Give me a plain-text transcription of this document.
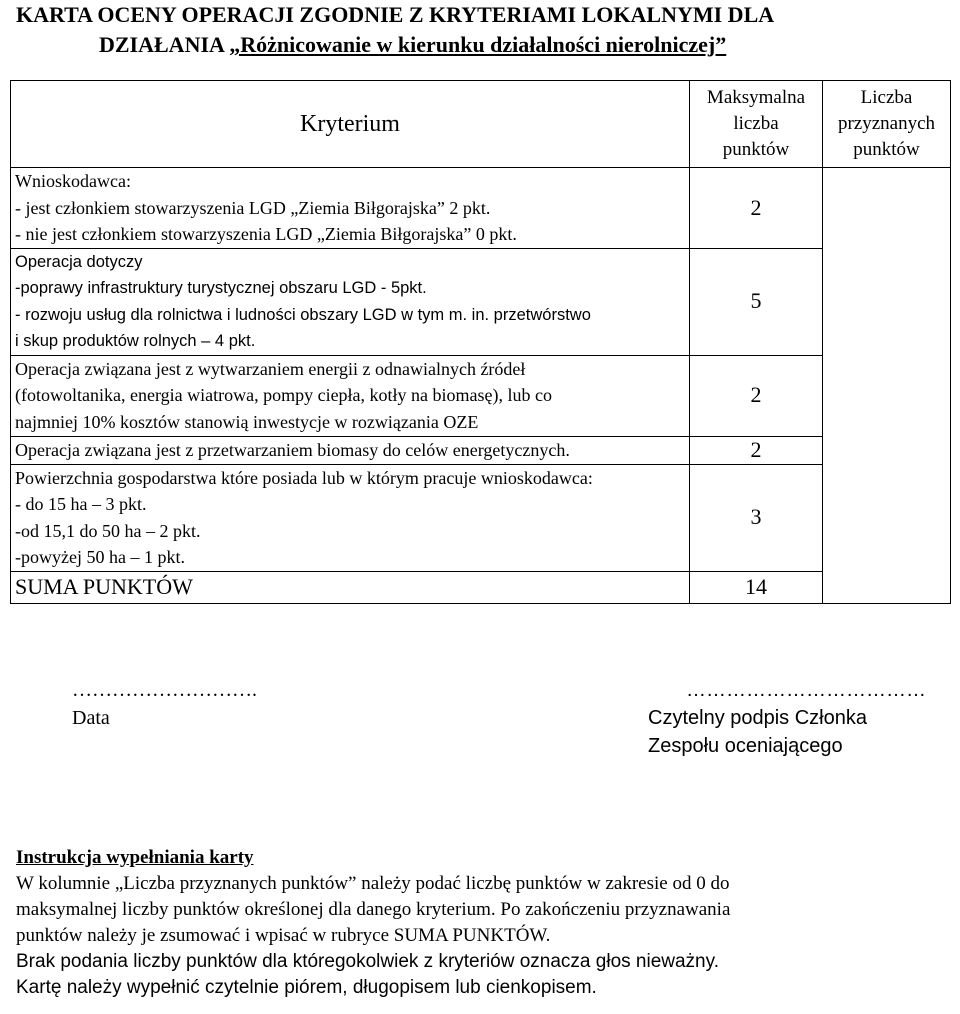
KARTA OCENY OPERACJI ZGODNIE Z KRYTERIAMI LOKALNYMI DLA
DZIAŁANIA „Różnicowanie w kierunku działalności nierolniczej”
Kryterium	Maksymalna
liczba
punktów	Liczba
przyznanych
punktów

Wnioskodawca:
- jest członkiem stowarzyszenia LGD „Ziemia Biłgorajska” 2 pkt.
- nie jest członkiem stowarzyszenia LGD „Ziemia Biłgorajska” 0 pkt.	2	

Operacja dotyczy
-poprawy infrastruktury turystycznej obszaru LGD - 5pkt.
- rozwoju usług dla rolnictwa i ludności obszary LGD w tym m. in. przetwórstwo
i skup produktów rolnych – 4 pkt.	5	

Operacja związana jest z wytwarzaniem energii z odnawialnych źródeł
(fotowoltanika, energia wiatrowa, pompy ciepła, kotły na biomasę), lub co
najmniej 10% kosztów stanowią inwestycje w rozwiązania OZE	2	

Operacja związana jest z przetwarzaniem biomasy do celów energetycznych.	2	

Powierzchnia gospodarstwa które posiada lub w którym pracuje wnioskodawca:
- do 15 ha – 3 pkt.
-od 15,1 do 50 ha – 2 pkt.
-powyżej 50 ha – 1 pkt.	3	
SUMA PUNKTÓW	14	
……………………….
Data
………………………………
Czytelny podpis Członka
Zespołu oceniającego
Instrukcja wypełniania karty
W kolumnie „Liczba przyznanych punktów” należy podać liczbę punktów w zakresie od 0 do
maksymalnej liczby punktów określonej dla danego kryterium. Po zakończeniu przyznawania
punktów należy je zsumować i wpisać w rubryce SUMA PUNKTÓW.
Brak podania liczby punktów dla któregokolwiek z kryteriów oznacza głos nieważny.
Kartę należy wypełnić czytelnie piórem, długopisem lub cienkopisem.
